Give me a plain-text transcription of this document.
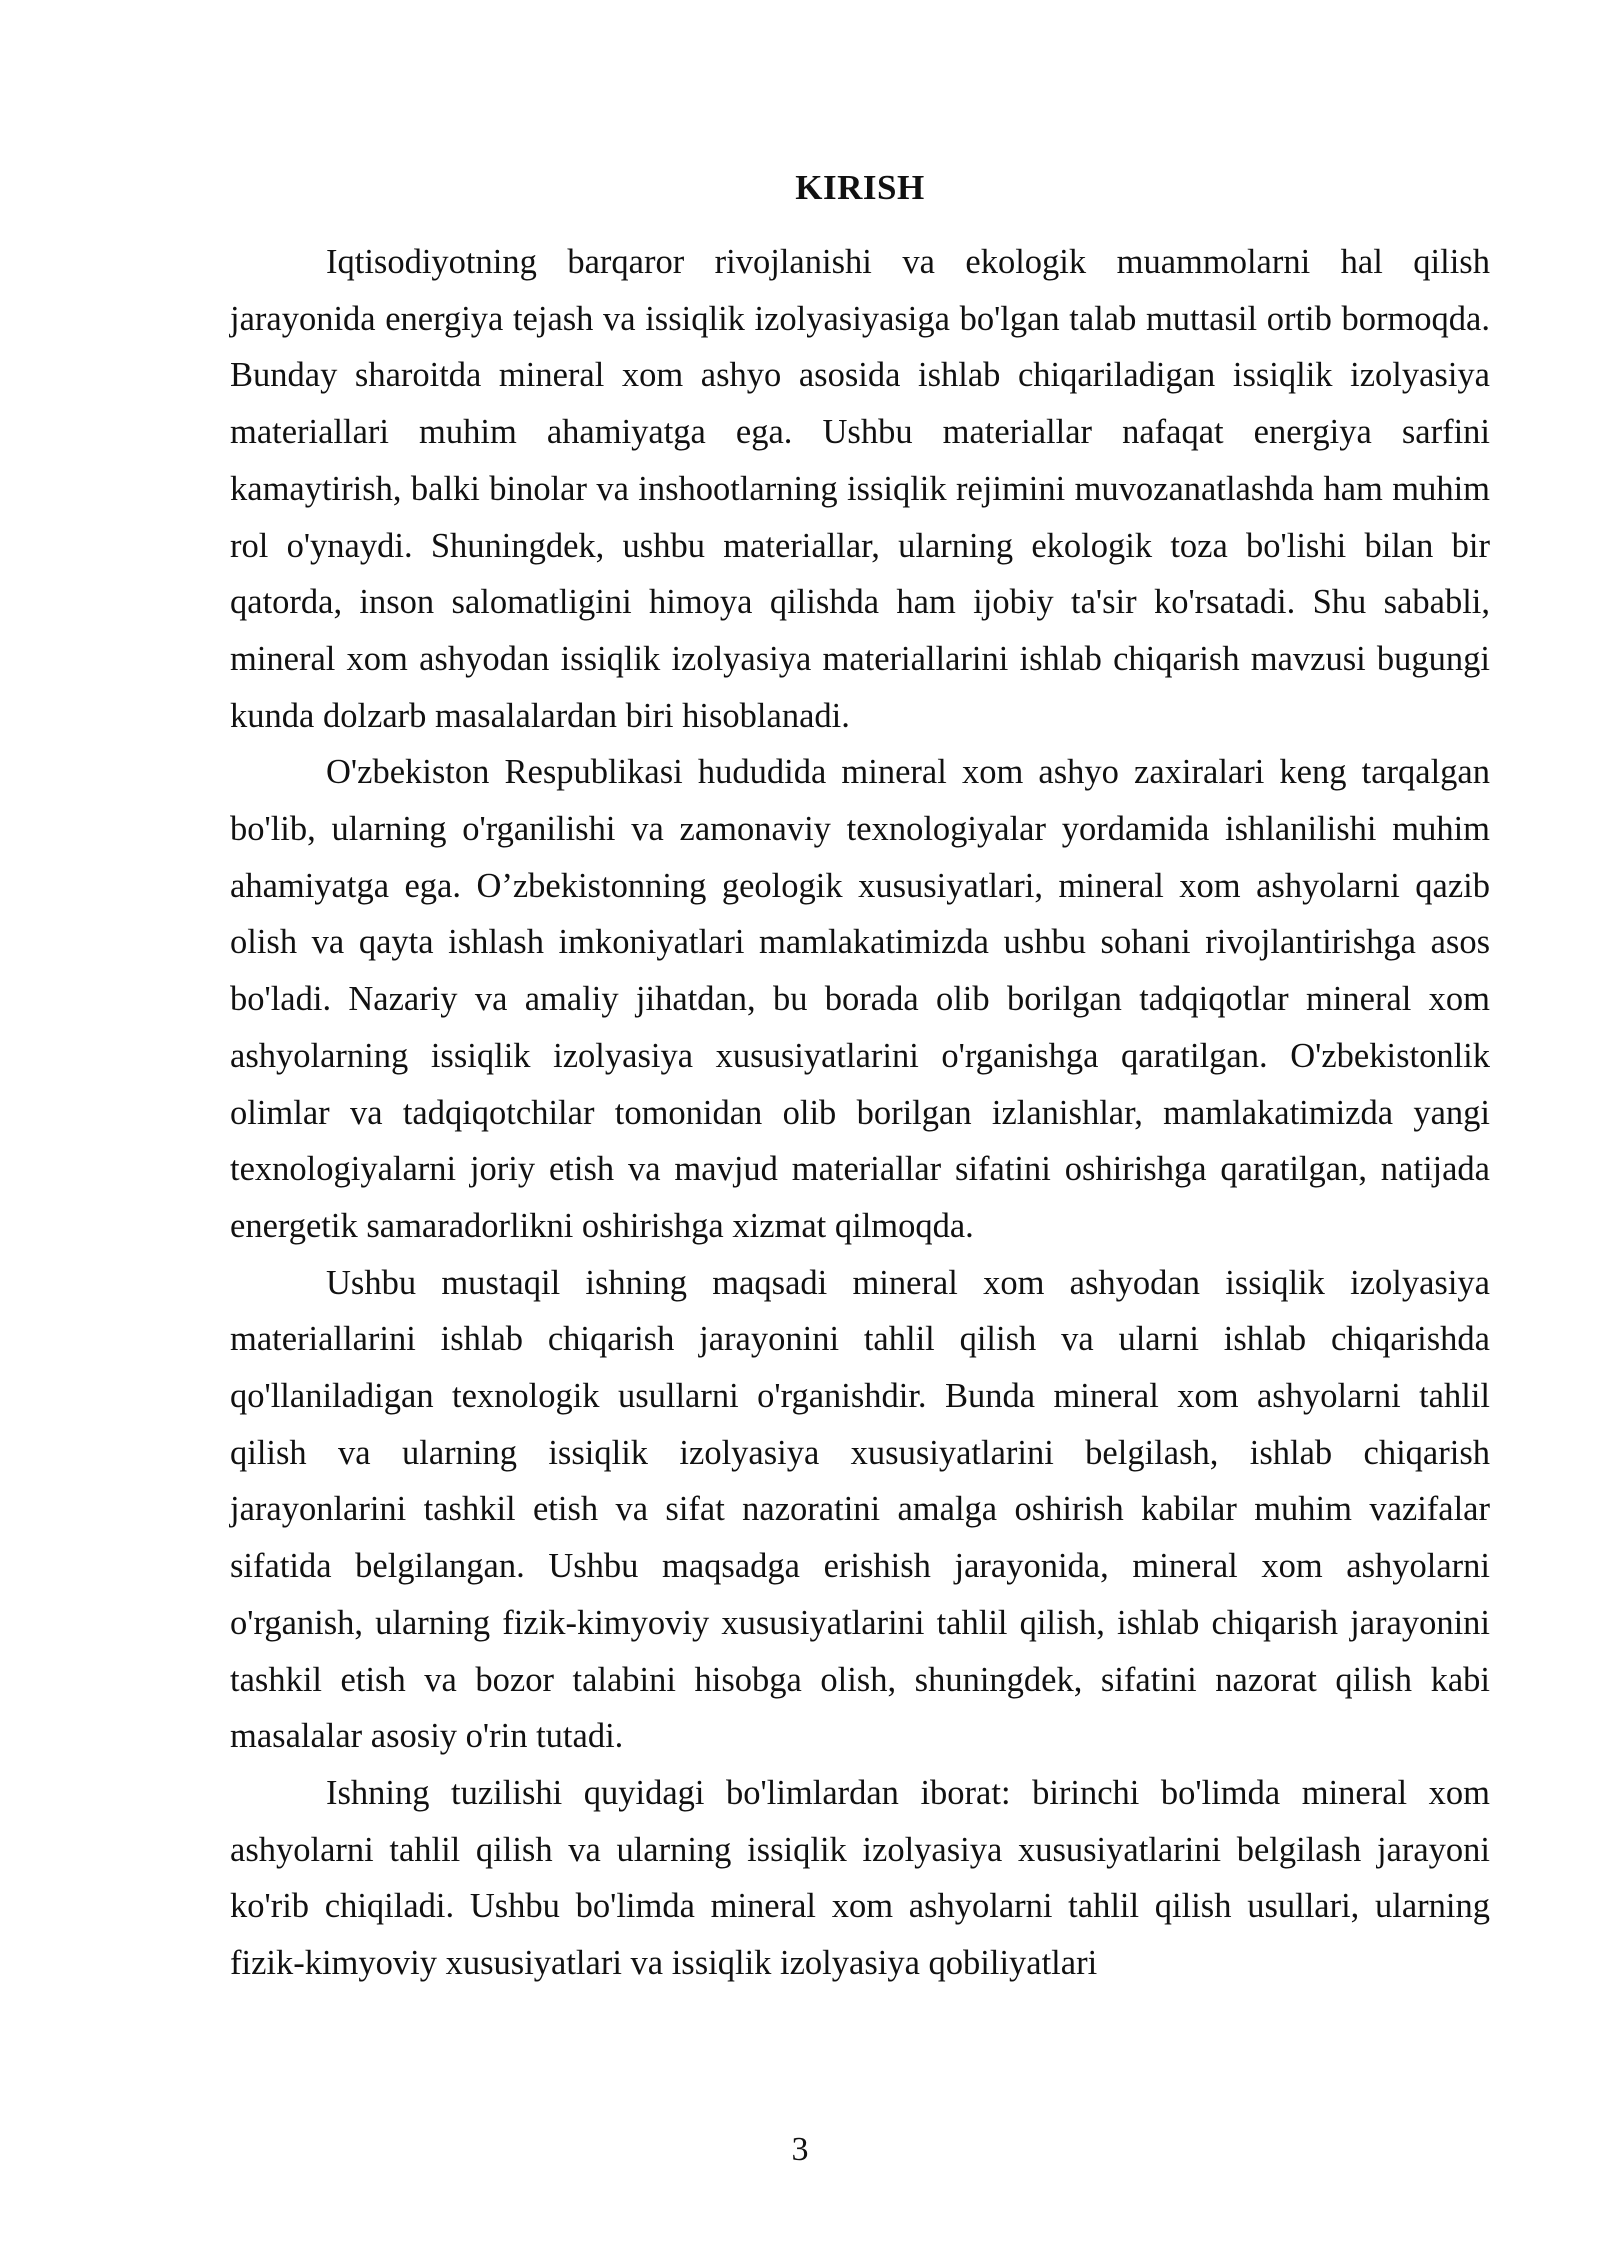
KIRISH

Iqtisodiyotning barqaror rivojlanishi va ekologik muammolarni hal qilish jarayonida energiya tejash va issiqlik izolyasiyasiga bo'lgan talab muttasil ortib bormoqda. Bunday sharoitda mineral xom ashyo asosida ishlab chiqariladigan issiqlik izolyasiya materiallari muhim ahamiyatga ega. Ushbu materiallar nafaqat energiya sarfini kamaytirish, balki binolar va inshootlarning issiqlik rejimini muvozanatlashda ham muhim rol o'ynaydi. Shuningdek, ushbu materiallar, ularning ekologik toza bo'lishi bilan bir qatorda, inson salomatligini himoya qilishda ham ijobiy ta'sir ko'rsatadi. Shu sababli, mineral xom ashyodan issiqlik izolyasiya materiallarini ishlab chiqarish mavzusi bugungi kunda dolzarb masalalardan biri hisoblanadi.

O'zbekiston Respublikasi hududida mineral xom ashyo zaxiralari keng tarqalgan bo'lib, ularning o'rganilishi va zamonaviy texnologiyalar yordamida ishlanilishi muhim ahamiyatga ega. O’zbekistonning geologik xususiyatlari, mineral xom ashyolarni qazib olish va qayta ishlash imkoniyatlari mamlakatimizda ushbu sohani rivojlantirishga asos bo'ladi. Nazariy va amaliy jihatdan, bu borada olib borilgan tadqiqotlar mineral xom ashyolarning issiqlik izolyasiya xususiyatlarini o'rganishga qaratilgan. O'zbekistonlik olimlar va tadqiqotchilar tomonidan olib borilgan izlanishlar, mamlakatimizda yangi texnologiyalarni joriy etish va mavjud materiallar sifatini oshirishga qaratilgan, natijada energetik samaradorlikni oshirishga xizmat qilmoqda.

Ushbu mustaqil ishning maqsadi mineral xom ashyodan issiqlik izolyasiya materiallarini ishlab chiqarish jarayonini tahlil qilish va ularni ishlab chiqarishda qo'llaniladigan texnologik usullarni o'rganishdir. Bunda mineral xom ashyolarni tahlil qilish va ularning issiqlik izolyasiya xususiyatlarini belgilash, ishlab chiqarish jarayonlarini tashkil etish va sifat nazoratini amalga oshirish kabilar muhim vazifalar sifatida belgilangan. Ushbu maqsadga erishish jarayonida, mineral xom ashyolarni o'rganish, ularning fizik-kimyoviy xususiyatlarini tahlil qilish, ishlab chiqarish jarayonini tashkil etish va bozor talabini hisobga olish, shuningdek, sifatini nazorat qilish kabi masalalar asosiy o'rin tutadi.

Ishning tuzilishi quyidagi bo'limlardan iborat: birinchi bo'limda mineral xom ashyolarni tahlil qilish va ularning issiqlik izolyasiya xususiyatlarini belgilash jarayoni ko'rib chiqiladi. Ushbu bo'limda mineral xom ashyolarni tahlil qilish usullari, ularning fizik-kimyoviy xususiyatlari va issiqlik izolyasiya qobiliyatlari

3
